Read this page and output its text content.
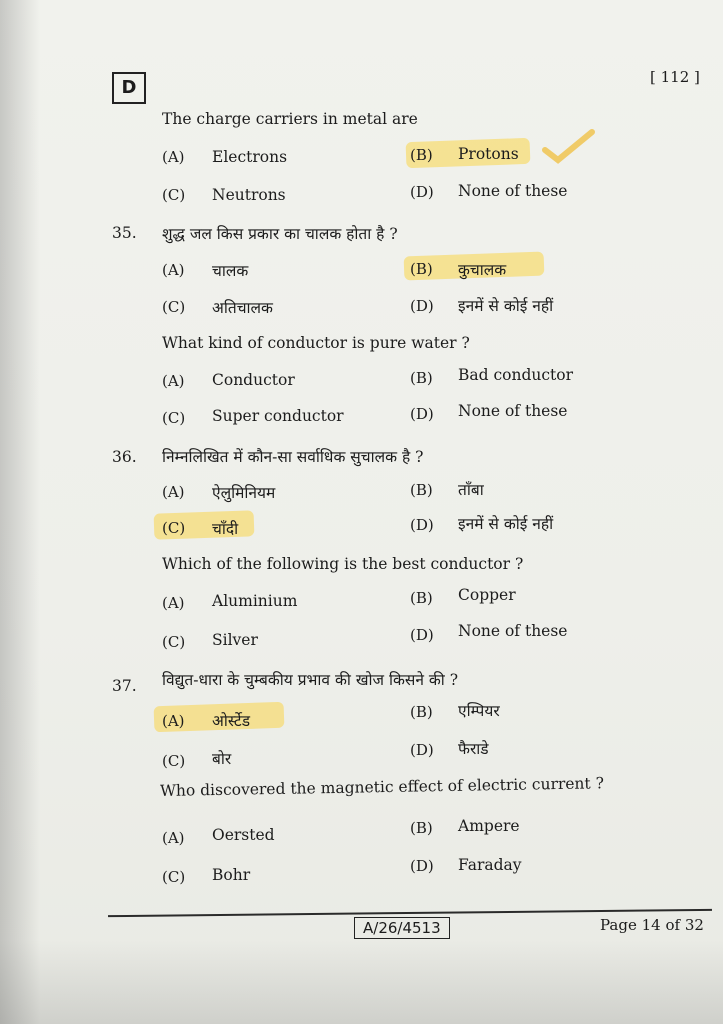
D	[ 112 ]
The charge carriers in metal are
(A) Electrons	(B) Protons
(C) Neutrons	(D) None of these
35. शुद्ध जल किस प्रकार का चालक होता है ?
(A) चालक	(B) कुचालक
(C) अतिचालक	(D) इनमें से कोई नहीं
What kind of conductor is pure water ?
(A) Conductor	(B) Bad conductor
(C) Super conductor	(D) None of these
36. निम्नलिखित में कौन-सा सर्वाधिक सुचालक है ?
(A) ऐलुमिनियम	(B) ताँबा
(C) चाँदी	(D) इनमें से कोई नहीं
Which of the following is the best conductor ?
(A) Aluminium	(B) Copper
(C) Silver	(D) None of these
37. विद्युत-धारा के चुम्बकीय प्रभाव की खोज किसने की ?
(A) ओर्स्टेड	(B) एम्पियर
(C) बोर	(D) फैराडे
Who discovered the magnetic effect of electric current ?
(A) Oersted	(B) Ampere
(C) Bohr	(D) Faraday
A/26/4513	Page 14 of 32
